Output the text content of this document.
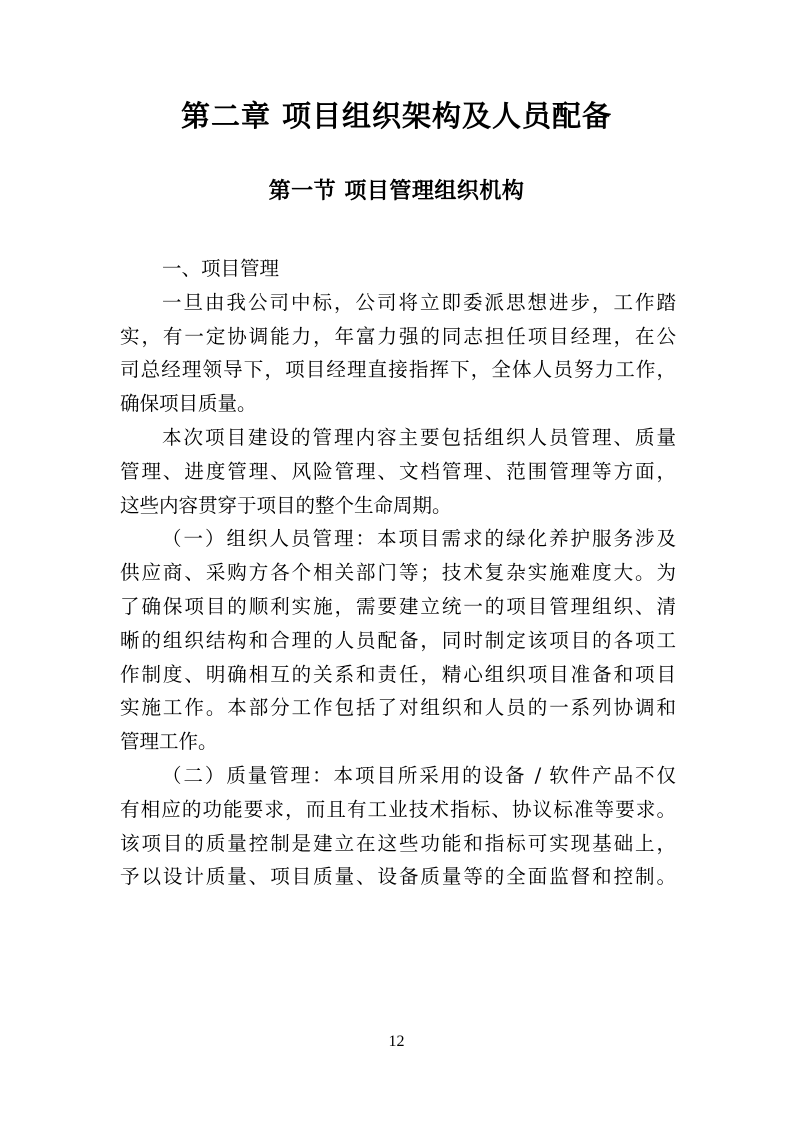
第二章 项目组织架构及人员配备
第一节 项目管理组织机构
一、项目管理
一旦由我公司中标，公司将立即委派思想进步，工作踏
实，有一定协调能力，年富力强的同志担任项目经理，在公
司总经理领导下，项目经理直接指挥下，全体人员努力工作，
确保项目质量。
本次项目建设的管理内容主要包括组织人员管理、质量
管理、进度管理、风险管理、文档管理、范围管理等方面，
这些内容贯穿于项目的整个生命周期。
（一）组织人员管理：本项目需求的绿化养护服务涉及
供应商、采购方各个相关部门等；技术复杂实施难度大。为
了确保项目的顺利实施，需要建立统一的项目管理组织、清
晰的组织结构和合理的人员配备，同时制定该项目的各项工
作制度、明确相互的关系和责任，精心组织项目准备和项目
实施工作。本部分工作包括了对组织和人员的一系列协调和
管理工作。
（二）质量管理：本项目所采用的设备 / 软件产品不仅
有相应的功能要求，而且有工业技术指标、协议标准等要求。
该项目的质量控制是建立在这些功能和指标可实现基础上，
予以设计质量、项目质量、设备质量等的全面监督和控制。
12
